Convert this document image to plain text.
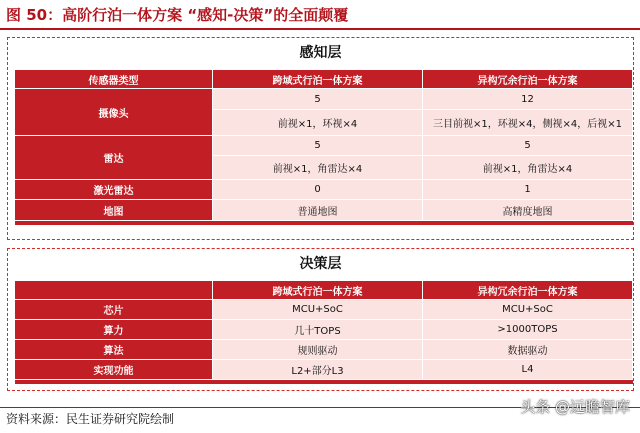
图 50：高阶行泊一体方案 “感知-决策”的全面颠覆
感知层
传感器类型	跨域式行泊一体方案	异构冗余行泊一体方案
摄像头	5	12
	前视×1，环视×4	三目前视×1，环视×4，侧视×4，后视×1
雷达	5	5
	前视×1，角雷达×4	前视×1，角雷达×4
激光雷达	0	1
地图	普通地图	高精度地图

决策层
	跨域式行泊一体方案	异构冗余行泊一体方案
芯片	MCU+SoC	MCU+SoC
算力	几十TOPS	>1000TOPS
算法	规则驱动	数据驱动
实现功能	L2+部分L3	L4

资料来源：民生证券研究院绘制
头条 @远瞻智库
